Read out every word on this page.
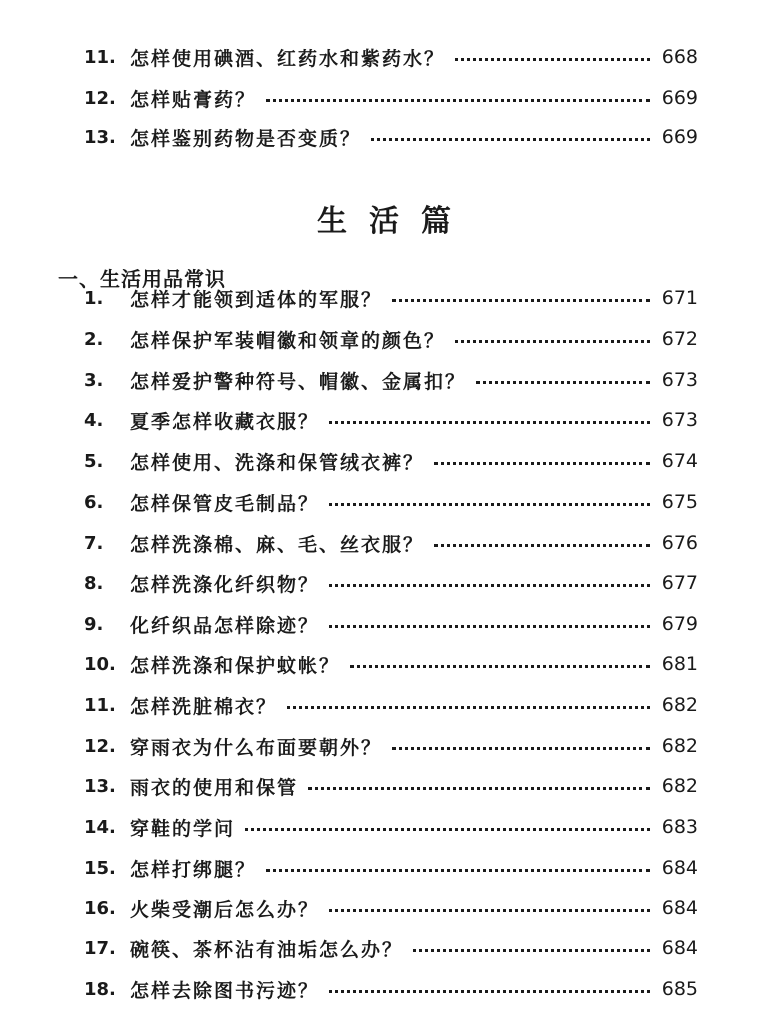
11. 怎样使用碘酒、红药水和紫药水？	668
12. 怎样贴膏药？	669
13. 怎样鉴别药物是否变质？	669
生活篇
一、生活用品常识
1.	怎样才能领到适体的军服？	671
2.	怎样保护军装帽徽和领章的颜色？	672
3.	怎样爱护警种符号、帽徽、金属扣？	673
4.	夏季怎样收藏衣服？	673
5.	怎样使用、洗涤和保管绒衣裤？	674
6.	怎样保管皮毛制品？	675
7.	怎样洗涤棉、麻、毛、丝衣服？	676
8.	怎样洗涤化纤织物？	677
9.	化纤织品怎样除迹？	679
10. 怎样洗涤和保护蚊帐？	681
11. 怎样洗脏棉衣？	682
12. 穿雨衣为什么布面要朝外？	682
13. 雨衣的使用和保管	682
14. 穿鞋的学问	683
15. 怎样打绑腿？	684
16. 火柴受潮后怎么办？	684
17. 碗筷、茶杯沾有油垢怎么办？	684
18. 怎样去除图书污迹？	685
